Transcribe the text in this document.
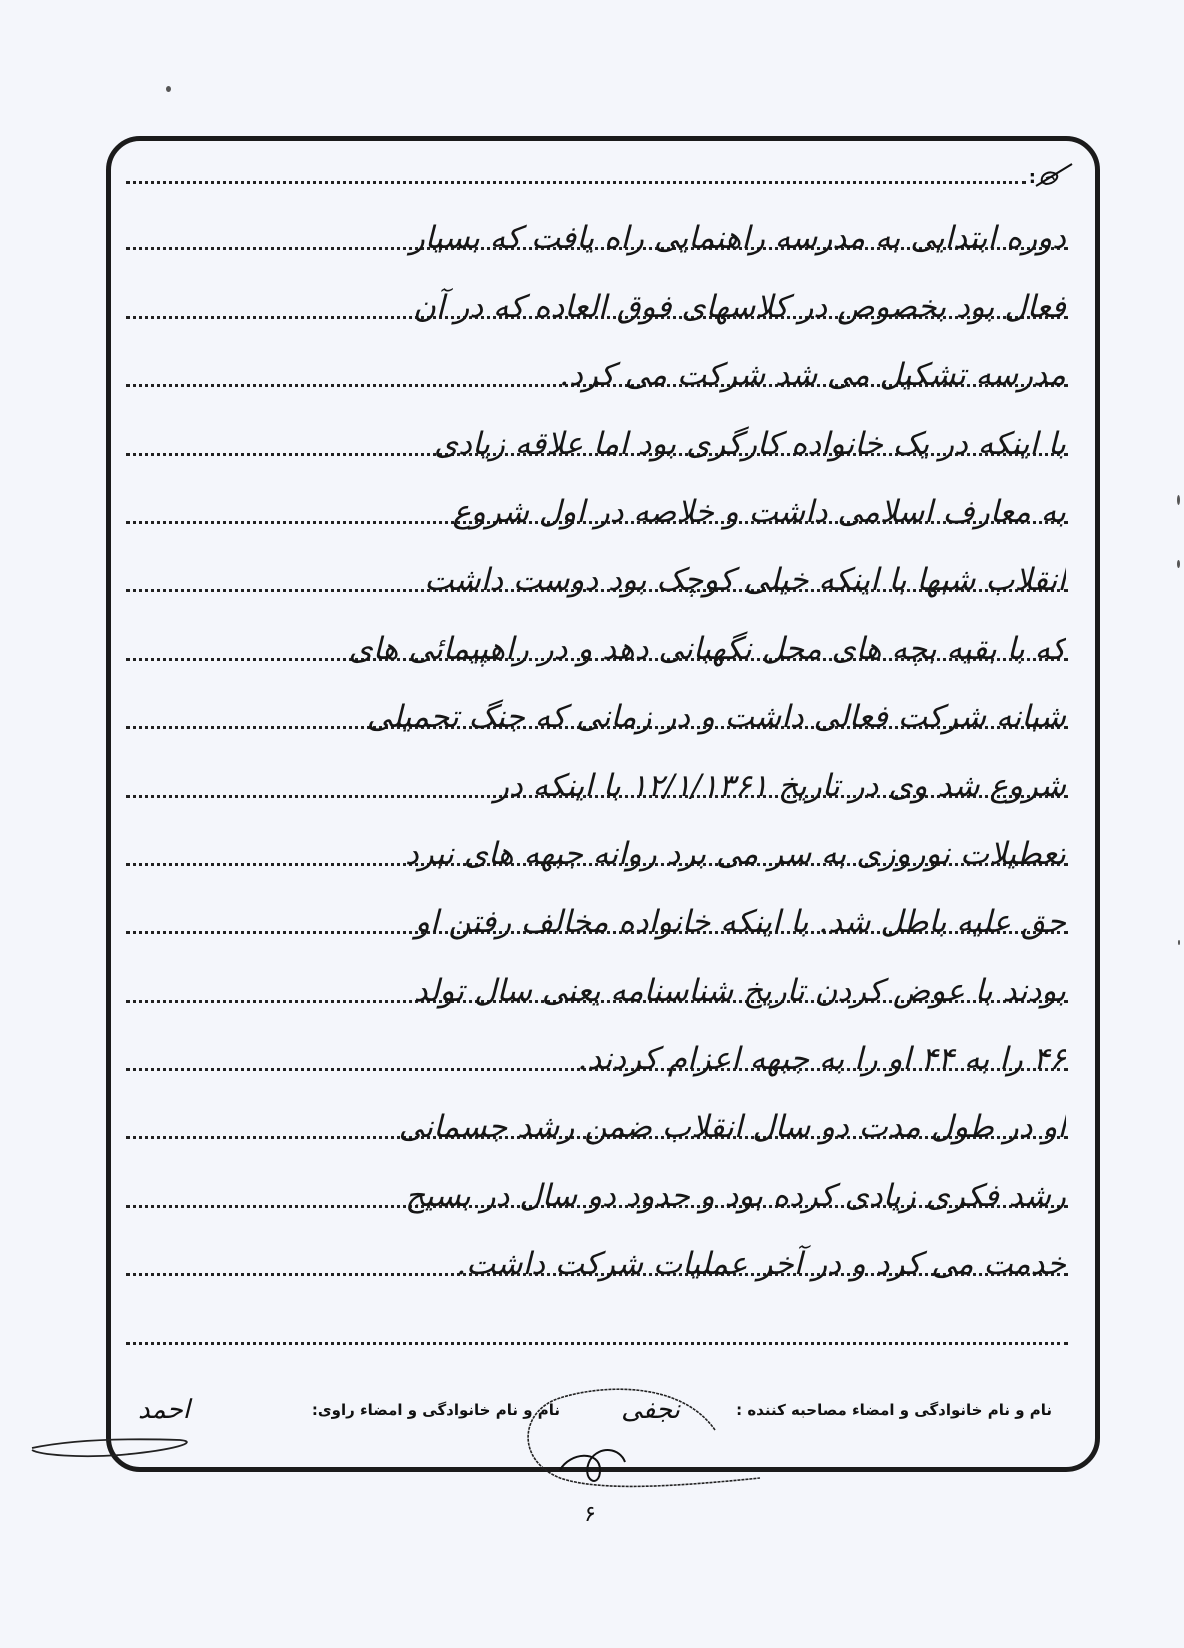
:
دوره ابتدایی به مدرسه راهنمایی راه یافت که بسیار
فعال بود بخصوص در کلاسهای فوق العاده که در آن
مدرسه تشکیل می شد شرکت می کرد.
با اینکه در یک خانواده کارگری بود اما علاقه زیادی
به معارف اسلامی داشت و خلاصه در اول شروع
انقلاب شبها با اینکه خیلی کوچک بود دوست داشت
که با بقیه بچه های محل نگهبانی دهد و در راهپیمائی های
شبانه شرکت فعالی داشت و در زمانی که جنگ تحمیلی
شروع شد وی در تاریخ ۱۲/۱/۱۳۶۱ با اینکه در
تعطیلات نوروزی به سر می برد روانه جبهه های نبرد
حق علیه باطل شد. با اینکه خانواده مخالف رفتن او
بودند با عوض کردن تاریخ شناسنامه یعنی سال تولد
۴۶ را به ۴۴ او را به جبهه اعزام کردند.
او در طول مدت دو سال انقلاب ضمن رشد جسمانی
رشد فکری زیادی کرده بود و حدود دو سال در بسیج
خدمت می کرد و در آخر عملیات شرکت داشت.
نام و نام خانوادگی و امضاء مصاحبه کننده :
نجفی
نام و نام خانوادگی و امضاء راوی:
احمد
۶
